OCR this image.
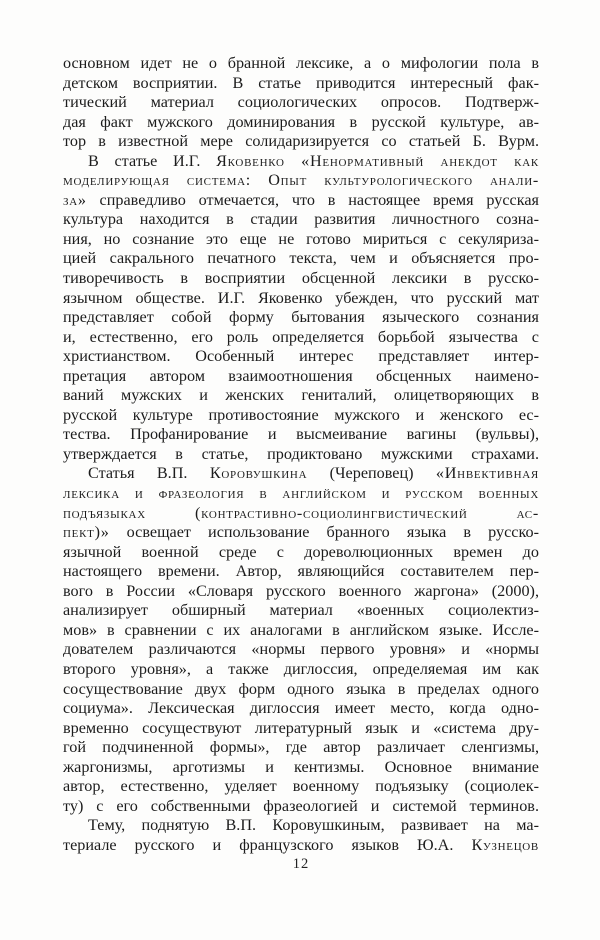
основном идет не о бранной лексике, а о мифологии пола в
детском восприятии. В статье приводится интересный фак-
тический материал социологических опросов. Подтверж-
дая факт мужского доминирования в русской культуре, ав-
тор в известной мере солидаризируется со статьей Б. Вурм.
В статье И.Г. Яковенко «Ненормативный анекдот как
моделирующая система: Опыт культурологического анали-
за» справедливо отмечается, что в настоящее время русская
культура находится в стадии развития личностного созна-
ния, но сознание это еще не готово мириться с секуляриза-
цией сакрального печатного текста, чем и объясняется про-
тиворечивость в восприятии обсценной лексики в русско-
язычном обществе. И.Г. Яковенко убежден, что русский мат
представляет собой форму бытования языческого сознания
и, естественно, его роль определяется борьбой язычества с
христианством. Особенный интерес представляет интер-
претация автором взаимоотношения обсценных наимено-
ваний мужских и женских гениталий, олицетворяющих в
русской культуре противостояние мужского и женского ес-
тества. Профанирование и высмеивание вагины (вульвы),
утверждается в статье, продиктовано мужскими страхами.
Статья В.П. Коровушкина (Череповец) «Инвективная
лексика и фразеология в английском и русском военных
подъязыках (контрастивно-социолингвистический ас-
пект)» освещает использование бранного языка в русско-
язычной военной среде с дореволюционных времен до
настоящего времени. Автор, являющийся составителем пер-
вого в России «Словаря русского военного жаргона» (2000),
анализирует обширный материал «военных социолектиз-
мов» в сравнении с их аналогами в английском языке. Иссле-
дователем различаются «нормы первого уровня» и «нормы
второго уровня», а также диглоссия, определяемая им как
сосуществование двух форм одного языка в пределах одного
социума». Лексическая диглоссия имеет место, когда одно-
временно сосуществуют литературный язык и «система дру-
гой подчиненной формы», где автор различает сленгизмы,
жаргонизмы, арготизмы и кентизмы. Основное внимание
автор, естественно, уделяет военному подъязыку (социолек-
ту) с его собственными фразеологией и системой терминов.
Тему, поднятую В.П. Коровушкиным, развивает на ма-
териале русского и французского языков Ю.А. Кузнецов
12
